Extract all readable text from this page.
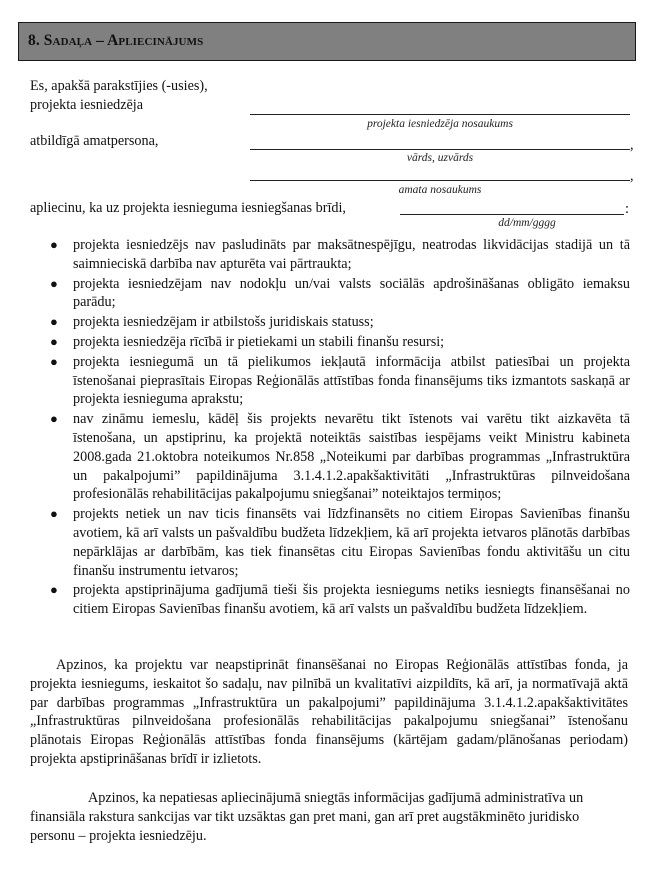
8. Sadaļa – Apliecinājums
Es, apakšā parakstījies (-usies),
projekta iesniedzēja
projekta iesniedzēja nosaukums
atbildīgā amatpersona,	,
vārds, uzvārds
,
amata nosaukums
apliecinu, ka uz projekta iesnieguma iesniegšanas brīdi,	:
dd/mm/gggg
● projekta iesniedzējs nav pasludināts par maksātnespējīgu, neatrodas likvidācijas stadijā un tā saimnieciskā darbība nav apturēta vai pārtraukta;
● projekta iesniedzējam nav nodokļu un/vai valsts sociālās apdrošināšanas obligāto iemaksu parādu;
● projekta iesniedzējam ir atbilstošs juridiskais statuss;
● projekta iesniedzēja rīcībā ir pietiekami un stabili finanšu resursi;
● projekta iesniegumā un tā pielikumos iekļautā informācija atbilst patiesībai un projekta īstenošanai pieprasītais Eiropas Reģionālās attīstības fonda finansējums tiks izmantots saskaņā ar projekta iesnieguma aprakstu;
● nav zināmu iemeslu, kādēļ šis projekts nevarētu tikt īstenots vai varētu tikt aizkavēta tā īstenošana, un apstiprinu, ka projektā noteiktās saistības iespējams veikt Ministru kabineta 2008.gada 21.oktobra noteikumos Nr.858 „Noteikumi par darbības programmas „Infrastruktūra un pakalpojumi” papildinājuma 3.1.4.1.2.apakšaktivitāti „Infrastruktūras pilnveidošana profesionālās rehabilitācijas pakalpojumu sniegšanai” noteiktajos termiņos;
● projekts netiek un nav ticis finansēts vai līdzfinansēts no citiem Eiropas Savienības finanšu avotiem, kā arī valsts un pašvaldību budžeta līdzekļiem, kā arī projekta ietvaros plānotās darbības nepārklājas ar darbībām, kas tiek finansētas citu Eiropas Savienības fondu aktivitāšu un citu finanšu instrumentu ietvaros;
● projekta apstiprinājuma gadījumā tieši šis projekta iesniegums netiks iesniegts finansēšanai no citiem Eiropas Savienības finanšu avotiem, kā arī valsts un pašvaldību budžeta līdzekļiem.

Apzinos, ka projektu var neapstiprināt finansēšanai no Eiropas Reģionālās attīstības fonda, ja projekta iesniegums, ieskaitot šo sadaļu, nav pilnībā un kvalitatīvi aizpildīts, kā arī, ja normatīvajā aktā par darbības programmas „Infrastruktūra un pakalpojumi” papildinājuma 3.1.4.1.2.apakšaktivitātes „Infrastruktūras pilnveidošana profesionālās rehabilitācijas pakalpojumu sniegšanai” īstenošanu plānotais Eiropas Reģionālās attīstības fonda finansējums (kārtējam gadam/plānošanas periodam) projekta apstiprināšanas brīdī ir izlietots.

Apzinos, ka nepatiesas apliecinājumā sniegtās informācijas gadījumā administratīva un finansiāla rakstura sankcijas var tikt uzsāktas gan pret mani, gan arī pret augstākminēto juridisko personu – projekta iesniedzēju.
